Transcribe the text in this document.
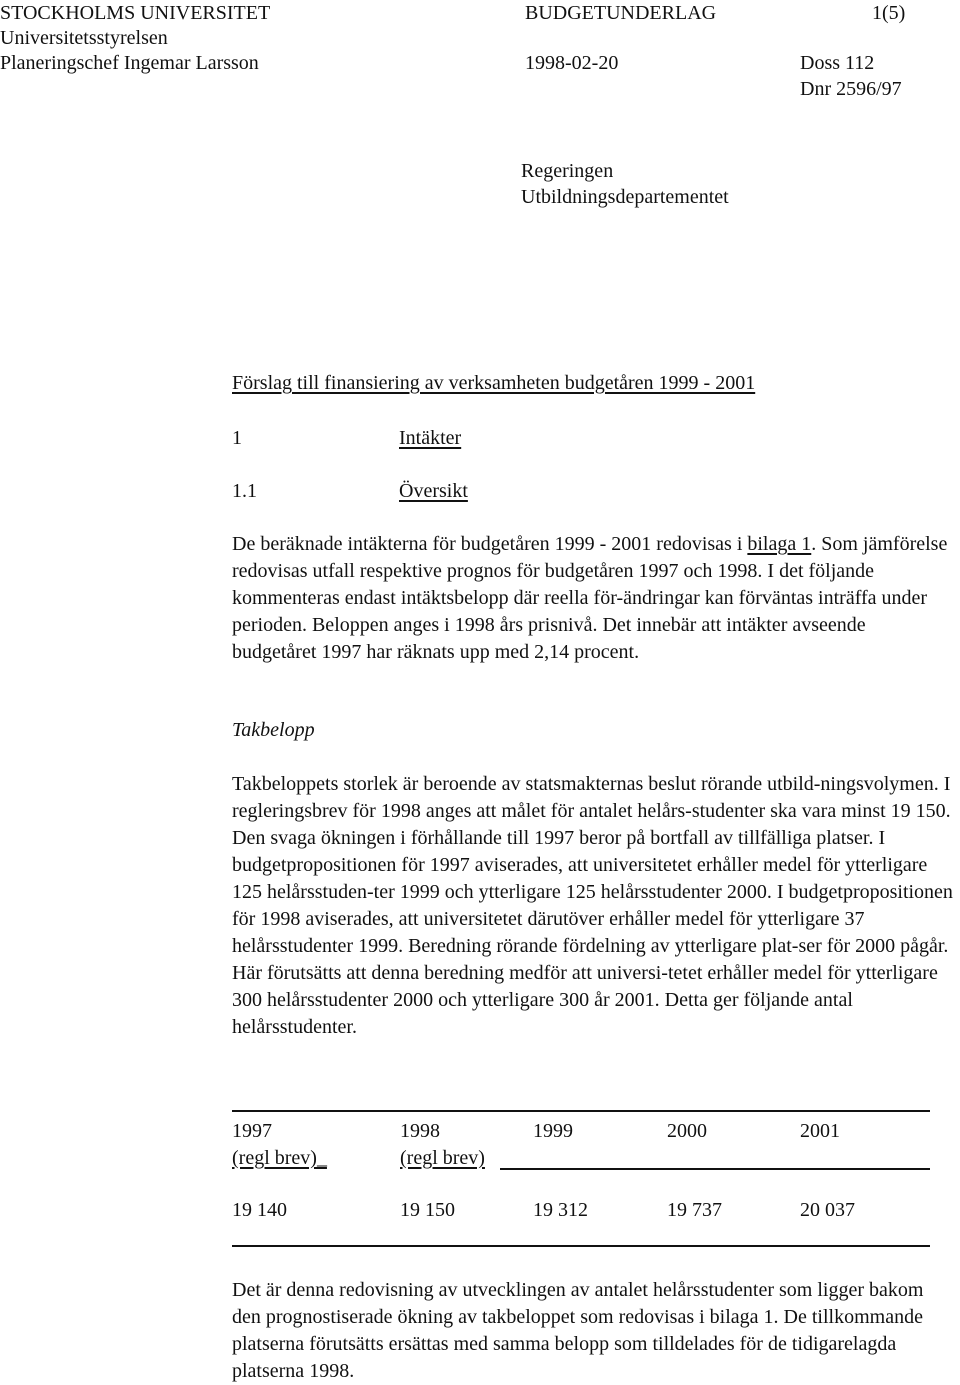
STOCKHOLMS UNIVERSITET	BUDGETUNDERLAG	1(5)
Universitetsstyrelsen
Planeringschef Ingemar Larsson	1998-02-20	Doss 112
Dnr 2596/97
Regeringen
Utbildningsdepartementet
Förslag till finansiering av verksamheten budgetåren 1999 - 2001
1	Intäkter
1.1	Översikt
De beräknade intäkterna för budgetåren 1999 - 2001 redovisas i bilaga 1. Som jämförelse redovisas utfall respektive prognos för budgetåren 1997 och 1998. I det följande kommenteras endast intäktsbelopp där reella för-ändringar kan förväntas inträffa under perioden. Beloppen anges i 1998 års prisnivå. Det innebär att intäkter avseende budgetåret 1997 har räknats upp med 2,14 procent.
Takbelopp
Takbeloppets storlek är beroende av statsmakternas beslut rörande utbild-ningsvolymen. I regleringsbrev för 1998 anges att målet för antalet helårs-studenter ska vara minst 19 150. Den svaga ökningen i förhållande till 1997 beror på bortfall av tillfälliga platser. I budgetpropositionen för 1997 aviserades, att universitetet erhåller medel för ytterligare 125 helårsstuden-ter 1999 och ytterligare 125 helårsstudenter 2000. I budgetpropositionen för 1998 aviserades, att universitetet därutöver erhåller medel för ytterligare 37 helårsstudenter 1999. Beredning rörande fördelning av ytterligare plat-ser för 2000 pågår. Här förutsätts att denna beredning medför att universi-tetet erhåller medel för ytterligare 300 helårsstudenter 2000 och ytterligare 300 år 2001. Detta ger följande antal helårsstudenter.
1997	1998	1999	2000	2001
(regl brev)_	(regl brev)
19 140	19 150	19 312	19 737	20 037
Det är denna redovisning av utvecklingen av antalet helårsstudenter som ligger bakom den prognostiserade ökning av takbeloppet som redovisas i bilaga 1. De tillkommande platserna förutsätts ersättas med samma belopp som tilldelades för de tidigarelagda platserna 1998.
